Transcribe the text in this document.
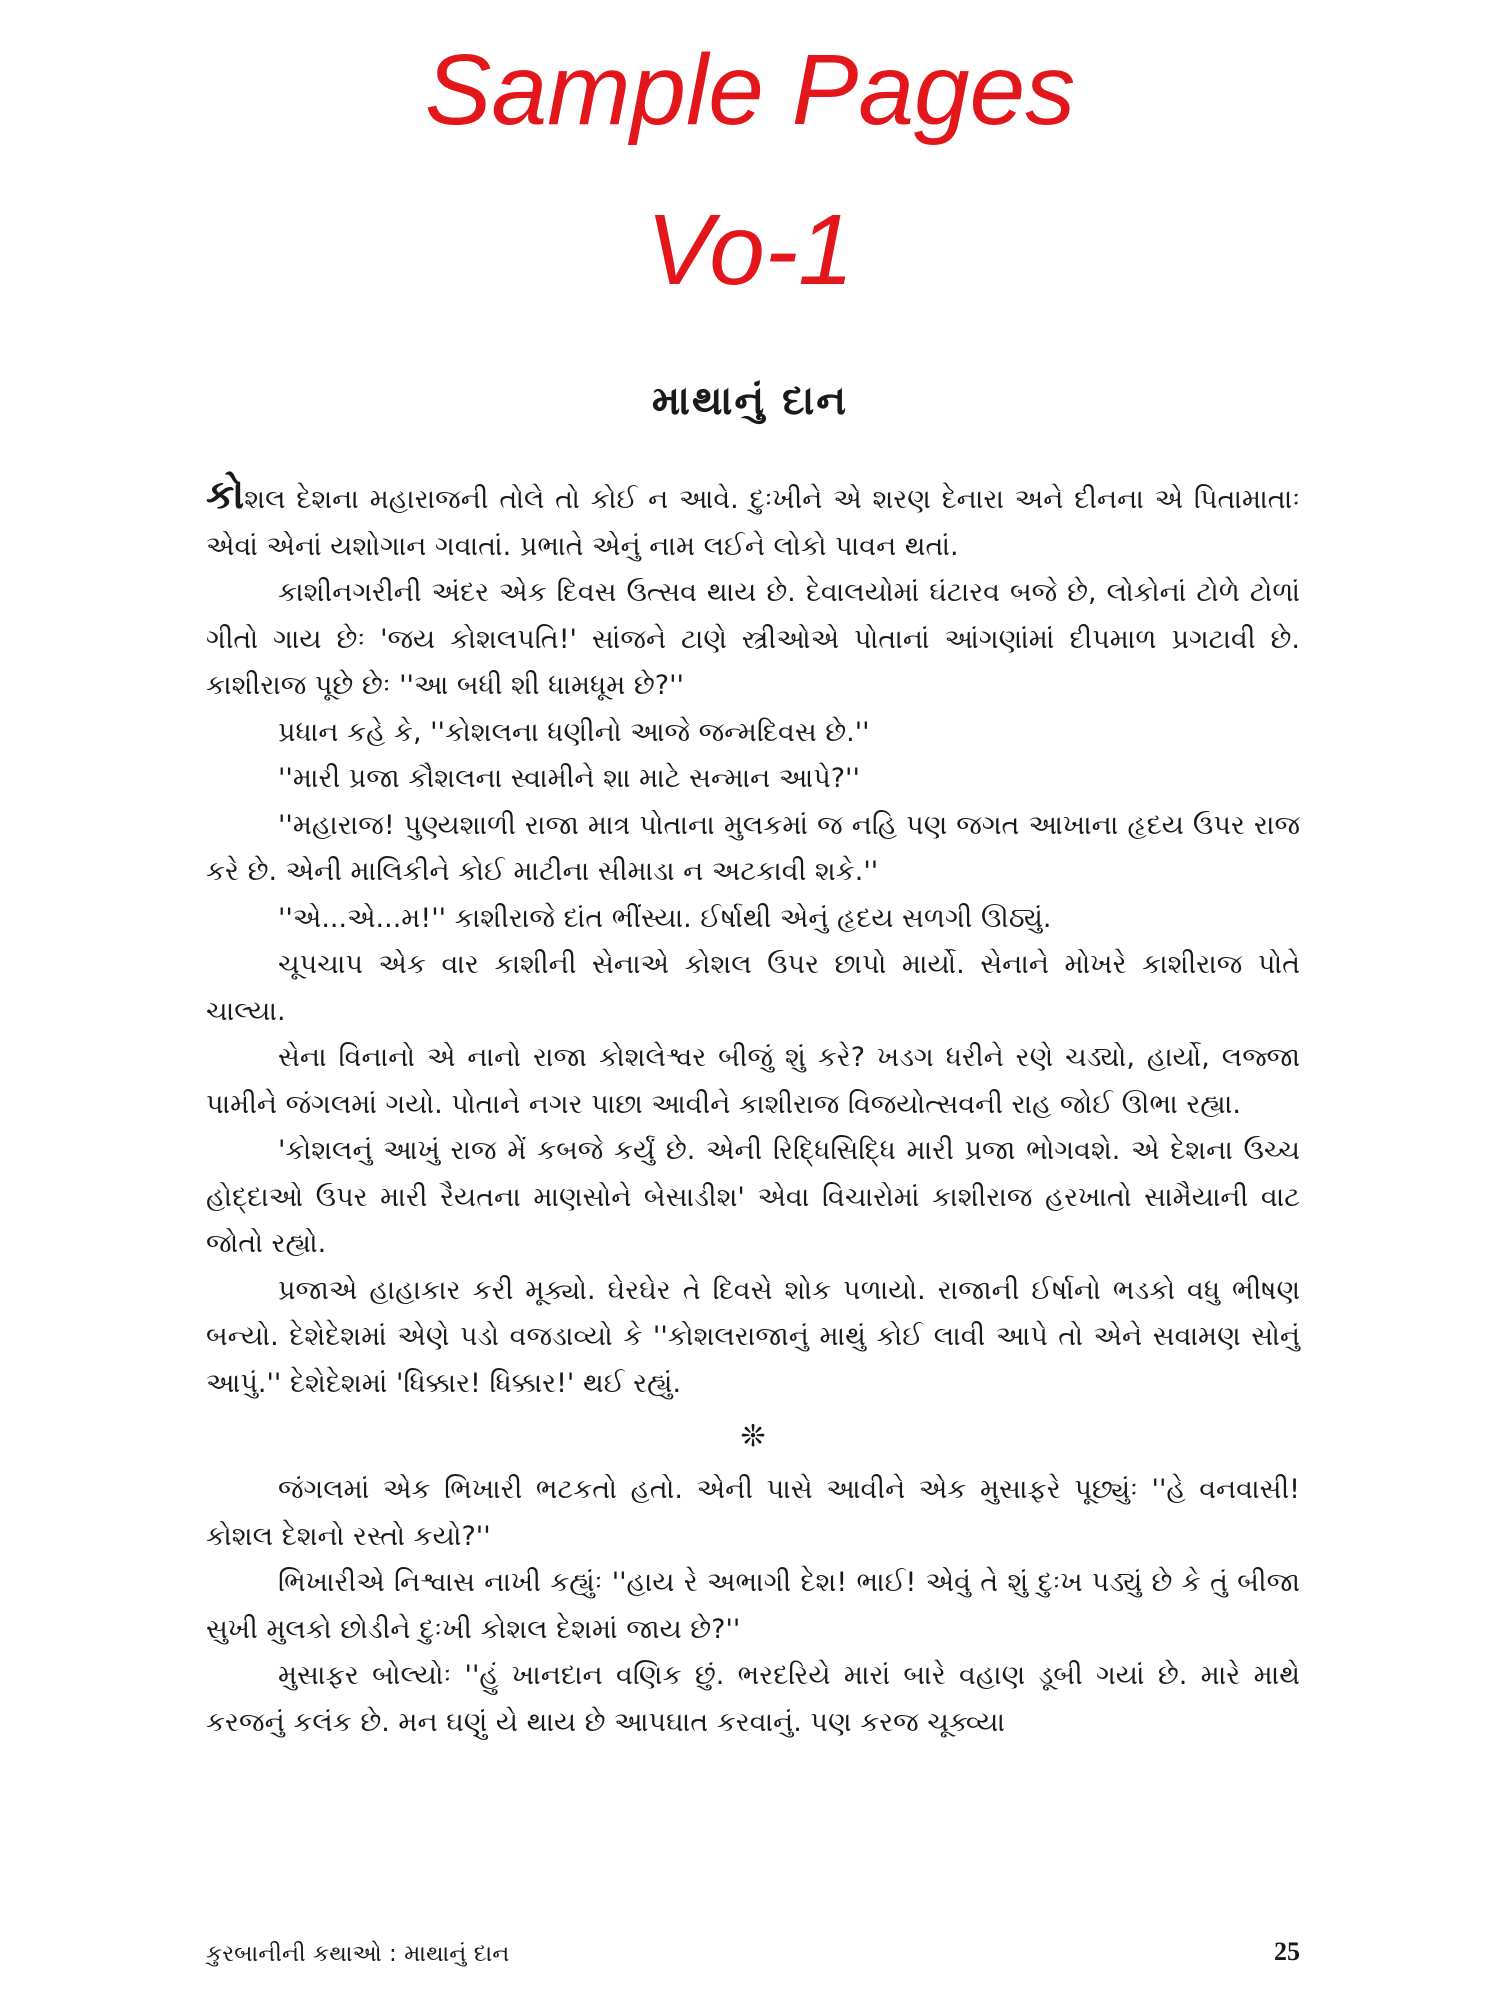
Sample Pages
Vo-1
માથાનું દાન

કોશલ દેશના મહારાજની તોલે તો કોઈ ન આવે. દુઃખીને એ શરણ દેનારા અને દીનના એ પિતામાતાઃ એવાં એનાં યશોગાન ગવાતાં. પ્રભાતે એનું નામ લઈને લોકો પાવન થતાં.

કાશીનગરીની અંદર એક દિવસ ઉત્સવ થાય છે. દેવાલયોમાં ઘંટારવ બજે છે, લોકોનાં ટોળે ટોળાં ગીતો ગાય છેઃ 'જય કોશલપતિ!' સાંજને ટાણે સ્ત્રીઓએ પોતાનાં આંગણાંમાં દીપમાળ પ્રગટાવી છે. કાશીરાજ પૂછે છેઃ ''આ બધી શી ધામધૂમ છે?''

પ્રધાન કહે કે, ''કોશલના ધણીનો આજે જન્મદિવસ છે.''

''મારી પ્રજા કૌશલના સ્વામીને શા માટે સન્માન આપે?''

''મહારાજ! પુણ્યશાળી રાજા માત્ર પોતાના મુલકમાં જ નહિ પણ જગત આખાના હૃદય ઉપર રાજ કરે છે. એની માલિકીને કોઈ માટીના સીમાડા ન અટકાવી શકે.''

''એ...એ...મ!'' કાશીરાજે દાંત ભીંસ્યા. ઈર્ષાથી એનું હૃદય સળગી ઊઠ્યું.

ચૂપચાપ એક વાર કાશીની સેનાએ કોશલ ઉપર છાપો માર્યો. સેનાને મોખરે કાશીરાજ પોતે ચાલ્યા.

સેના વિનાનો એ નાનો રાજા કોશલેશ્વર બીજું શું કરે? ખડગ ધરીને રણે ચડ્યો, હાર્યો, લજ્જા પામીને જંગલમાં ગયો. પોતાને નગર પાછા આવીને કાશીરાજ વિજયોત્સવની રાહ જોઈ ઊભા રહ્યા.

'કોશલનું આખું રાજ મેં કબજે કર્યું છે. એની રિદ્ધિસિદ્ધિ મારી પ્રજા ભોગવશે. એ દેશના ઉચ્ચ હોદ્દાઓ ઉપર મારી રૈયતના માણસોને બેસાડીશ' એવા વિચારોમાં કાશીરાજ હરખાતો સામૈયાની વાટ જોતો રહ્યો.

પ્રજાએ હાહાકાર કરી મૂક્યો. ઘેરઘેર તે દિવસે શોક પળાયો. રાજાની ઈર્ષાનો ભડકો વધુ ભીષણ બન્યો. દેશેદેશમાં એણે પડો વજડાવ્યો કે ''કોશલરાજાનું માથું કોઈ લાવી આપે તો એને સવામણ સોનું આપું.'' દેશેદેશમાં 'ધિક્કાર! ધિક્કાર!' થઈ રહ્યું.

❊

જંગલમાં એક ભિખારી ભટકતો હતો. એની પાસે આવીને એક મુસાફરે પૂછ્યુંઃ ''હે વનવાસી! કોશલ દેશનો રસ્તો કયો?''

ભિખારીએ નિશ્વાસ નાખી કહ્યુંઃ ''હાય રે અભાગી દેશ! ભાઈ! એવું તે શું દુઃખ પડ્યું છે કે તું બીજા સુખી મુલકો છોડીને દુઃખી કોશલ દેશમાં જાય છે?''

મુસાફર બોલ્યોઃ ''હું ખાનદાન વણિક છું. ભરદરિયે મારાં બારે વહાણ ડૂબી ગયાં છે. મારે માથે કરજનું કલંક છે. મન ઘણું યે થાય છે આપઘાત કરવાનું. પણ કરજ ચૂક્વ્યા

કુરબાનીની કથાઓ : માથાનું દાન	25
